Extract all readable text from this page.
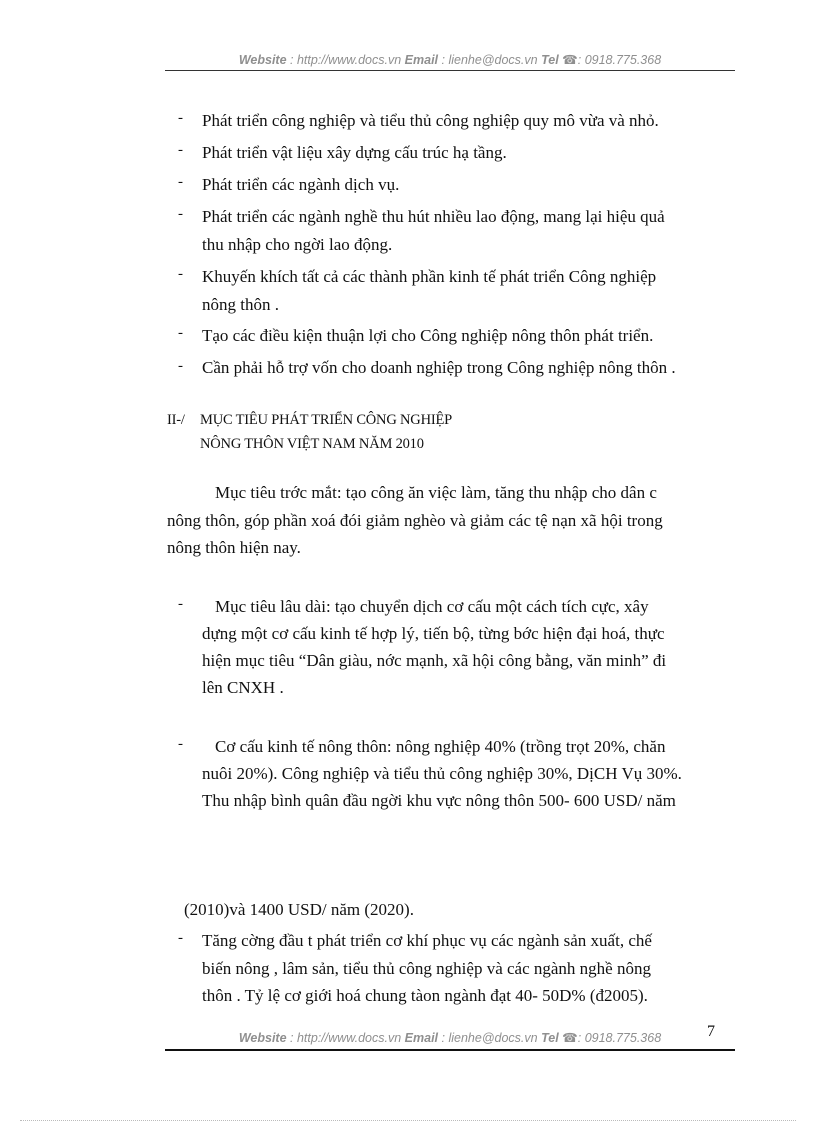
Website : http://www.docs.vn Email : lienhe@docs.vn Tel ☎: 0918.775.368
- Phát triển công nghiệp và tiểu thủ công nghiệp quy mô vừa và nhỏ.
- Phát triển vật liệu xây dựng cấu trúc hạ tầng.
- Phát triển các ngành dịch vụ.
- Phát triển các ngành nghề thu hút nhiều lao động, mang lại hiệu quả
thu nhập cho ngời lao động.
- Khuyến khích tất cả các thành phần kinh tế phát triển Công nghiệp
nông thôn .
- Tạo các điều kiện thuận lợi cho Công nghiệp nông thôn phát triển.
- Cần phải hỗ trợ vốn cho doanh nghiệp trong Công nghiệp nông thôn .
II-/ MỤC TIÊU PHÁT TRIỂN CÔNG NGHIỆP
NÔNG THÔN VIỆT NAM NĂM 2010
Mục tiêu trớc mắt: tạo công ăn việc làm, tăng thu nhập cho dân c
nông thôn, góp phần xoá đói giảm nghèo và giảm các tệ nạn xã hội trong
nông thôn hiện nay.
- Mục tiêu lâu dài: tạo chuyển dịch cơ cấu một cách tích cực, xây
dựng một cơ cấu kinh tế hợp lý, tiến bộ, từng bớc hiện đại hoá, thực
hiện mục tiêu “Dân giàu, nớc mạnh, xã hội công bằng, văn minh” đi
lên CNXH .
- Cơ cấu kinh tế nông thôn: nông nghiệp 40% (trồng trọt 20%, chăn
nuôi 20%). Công nghiệp và tiểu thủ công nghiệp 30%, DịCH Vụ 30%.
Thu nhập bình quân đầu ngời khu vực nông thôn 500- 600 USD/ năm
(2010)và 1400 USD/ năm (2020).
- Tăng cờng đầu t phát triển cơ khí phục vụ các ngành sản xuất, chế
biến nông , lâm sản, tiểu thủ công nghiệp và các ngành nghề nông
thôn . Tỷ lệ cơ giới hoá chung tàon ngành đạt 40- 50D% (đ2005).
Website : http://www.docs.vn Email : lienhe@docs.vn Tel ☎: 0918.775.368	7
